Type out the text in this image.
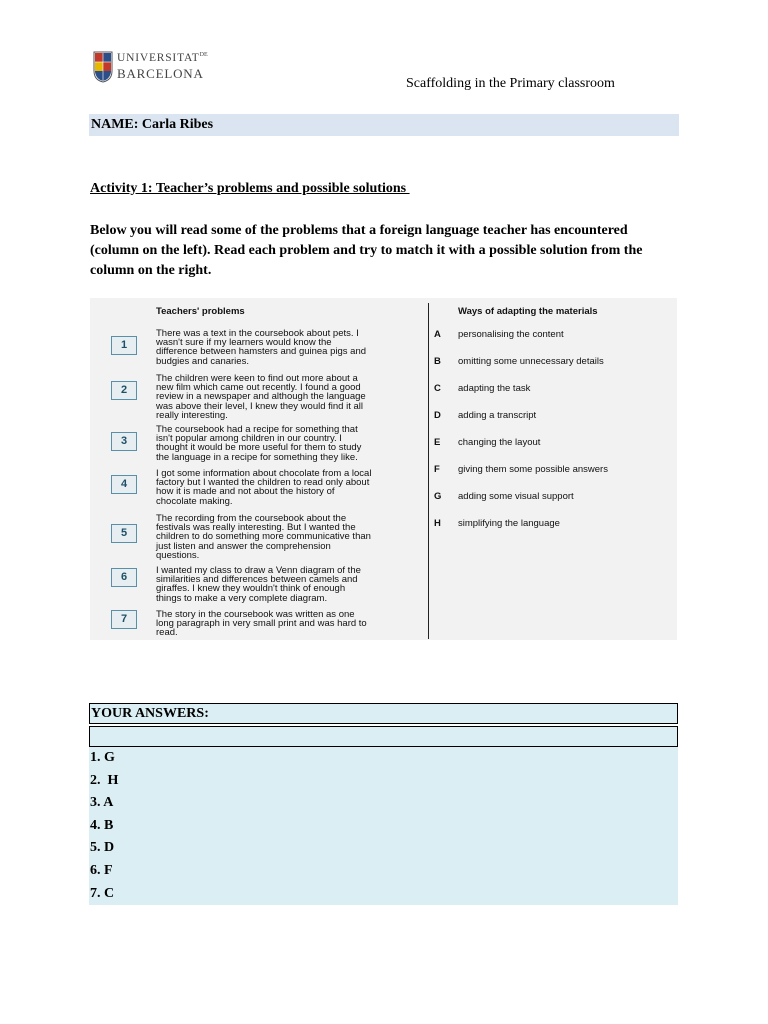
$UNIVERSITAT^{DE}$
BARCELONA
Scaffolding in the Primary classroom
NAME: Carla Ribes
Activity 1: Teacher’s problems and possible solutions
Below you will read some of the problems that a foreign language teacher has encountered (column on the left). Read each problem and try to match it with a possible solution from the column on the right.
Teachers' problems	Ways of adapting the materials
1
There was a text in the coursebook about pets. I
wasn't sure if my learners would know the
difference between hamsters and guinea pigs and
budgies and canaries.
2
The children were keen to find out more about a
new film which came out recently. I found a good
review in a newspaper and although the language
was above their level, I knew they would find it all
really interesting.
3
The coursebook had a recipe for something that
isn't popular among children in our country. I
thought it would be more useful for them to study
the language in a recipe for something they like.
4
I got some information about chocolate from a local
factory but I wanted the children to read only about
how it is made and not about the history of
chocolate making.
5
The recording from the coursebook about the
festivals was really interesting. But I wanted the
children to do something more communicative than
just listen and answer the comprehension
questions.
6
I wanted my class to draw a Venn diagram of the
similarities and differences between camels and
giraffes. I knew they wouldn't think of enough
things to make a very complete diagram.
7	The story in the coursebook was written as one
long paragraph in very small print and was hard to
read.
A personalising the content
B omitting some unnecessary details
C adapting the task
D adding a transcript
E changing the layout
F giving them some possible answers
G adding some visual support
H simplifying the language
YOUR ANSWERS:
1. G
2.  H
3. A
4. B
5. D
6. F
7. C
